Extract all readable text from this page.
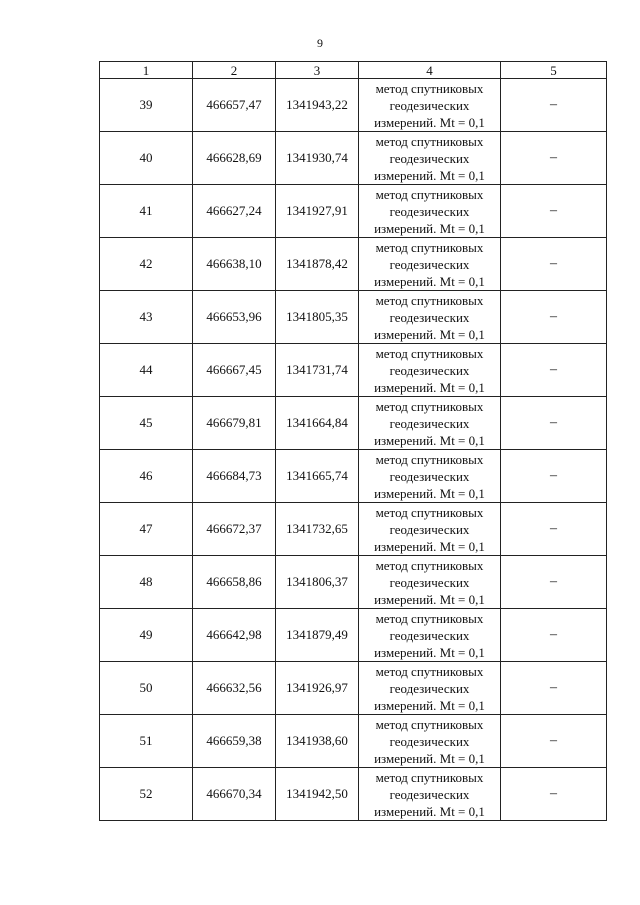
9
1	2	3	4	5
39	466657,47	1341943,22	метод спутниковых
геодезических
измерений. Mt = 0,1	–
40	466628,69	1341930,74	метод спутниковых
геодезических
измерений. Mt = 0,1	–
41	466627,24	1341927,91	метод спутниковых
геодезических
измерений. Mt = 0,1	–
42	466638,10	1341878,42	метод спутниковых
геодезических
измерений. Mt = 0,1	–
43	466653,96	1341805,35	метод спутниковых
геодезических
измерений. Mt = 0,1	–
44	466667,45	1341731,74	метод спутниковых
геодезических
измерений. Mt = 0,1	–
45	466679,81	1341664,84	метод спутниковых
геодезических
измерений. Mt = 0,1	–
46	466684,73	1341665,74	метод спутниковых
геодезических
измерений. Mt = 0,1	–
47	466672,37	1341732,65	метод спутниковых
геодезических
измерений. Mt = 0,1	–
48	466658,86	1341806,37	метод спутниковых
геодезических
измерений. Mt = 0,1	–
49	466642,98	1341879,49	метод спутниковых
геодезических
измерений. Mt = 0,1	–
50	466632,56	1341926,97	метод спутниковых
геодезических
измерений. Mt = 0,1	–
51	466659,38	1341938,60	метод спутниковых
геодезических
измерений. Mt = 0,1	–
52	466670,34	1341942,50	метод спутниковых
геодезических
измерений. Mt = 0,1	–
